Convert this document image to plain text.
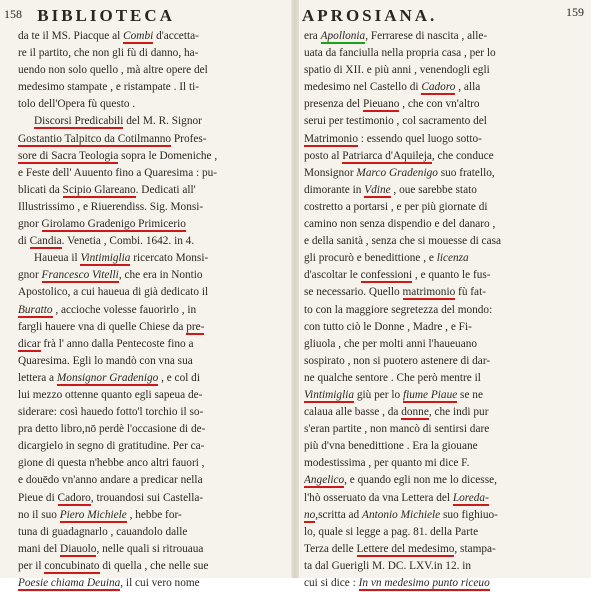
158 BIBLIOTECA	APROSIANA.	159
da te il MS. Piacque al Combi d'accetta-
re il partito, che non gli fù di danno, ha-
uendo non solo quello , mà altre opere del
medesimo stampate , e ristampate . Il ti-
tolo dell'Opera fù questo .
Discorsi Predicabili del M. R. Signor
Gostantio Talpitco da Cotilmanno Profes-
sore di Sacra Teologia sopra le Domeniche ,
e Feste dell' Auuento fino a Quaresima : pu-
blicati da Scipio Glareano. Dedicati all'
Illustrissimo , e Riuerendiss. Sig. Monsi-
gnor Girolamo Gradenigo Primicerio
di Candia. Venetia , Combi. 1642. in 4.
Haueua il Vintimiglia ricercato Monsi-
gnor Francesco Vitelli, che era in Nontio
Apostolico, a cui haueua di già dedicato il
Buratto , accioche volesse fauorirlo , in
fargli hauere vna di quelle Chiese da pre-
dicar frà l' anno dalla Pentecoste fino a
Quaresima. Egli lo mandò con vna sua
lettera a Monsignor Gradenigo , e col di
lui mezzo ottenne quanto egli sapeua de-
siderare: così hauedo fotto'l torchio il so-
pra detto libro,nō perdè l'occasione di de-
dicargielo in segno di gratitudine. Per ca-
gione di questa n'hebbe anco altri fauori ,
e douēdo vn'anno andare a predicar nella
Pieue di Cadoro, trouandosi sui Castella-
no il suo Piero Michiele , hebbe for-
tuna di guadagnarlo , cauandolo dalle
mani del Diauolo, nelle quali si ritrouaua
per il concubinato di quella , che nelle sue
Poesie chiama Deuina, il cui vero nome
era Apollonia, Ferrarese di nascita , alle-
uata da fanciulla nella propria casa , per lo
spatio di XII. e più anni , venendogli egli
medesimo nel Castello di Cadoro , alla
presenza del Pieuano , che con vn'altro
serui per testimonio , col sacramento del
Matrimonio : essendo quel luogo sotto-
posto al Patriarca d'Aquileja, che conduce
Monsignor Marco Gradenigo suo fratello,
dimorante in Vdine , oue sarebbe stato
costretto a portarsi , e per più giornate di
camino non senza dispendio e del danaro ,
e della sanità , senza che si mouesse di casa
gli procurò e benedittione , e licenza
d'ascoltar le confessioni , e quanto le fus-
se necessario. Quello matrimonio fù fat-
to con la maggiore segretezza del mondo:
con tutto ciò le Donne , Madre , e Fi-
gliuola , che per molti anni l'haueuano
sospirato , non si puotero astenere di dar-
ne qualche sentore . Che però mentre il
Vintimiglia giù per lo fiume Piaue se ne
calaua alle basse , da donne, che indi pur
s'eran partite , non mancò di sentirsi dare
più d'vna benedittione . Era la giouane
modestissima , per quanto mi dice F.
Angelico, e quando egli non me lo dicesse,
l'hò osseruato da vna Lettera del Loreda-
no,scritta ad Antonio Michiele suo fighiuo-
lo, quale si legge a pag. 81. della Parte
Terza delle Lettere del medesimo, stampa-
ta dal Guerigli M. DC. LXV.in 12. in
cui si dice : In vn medesimo punto riceuo
